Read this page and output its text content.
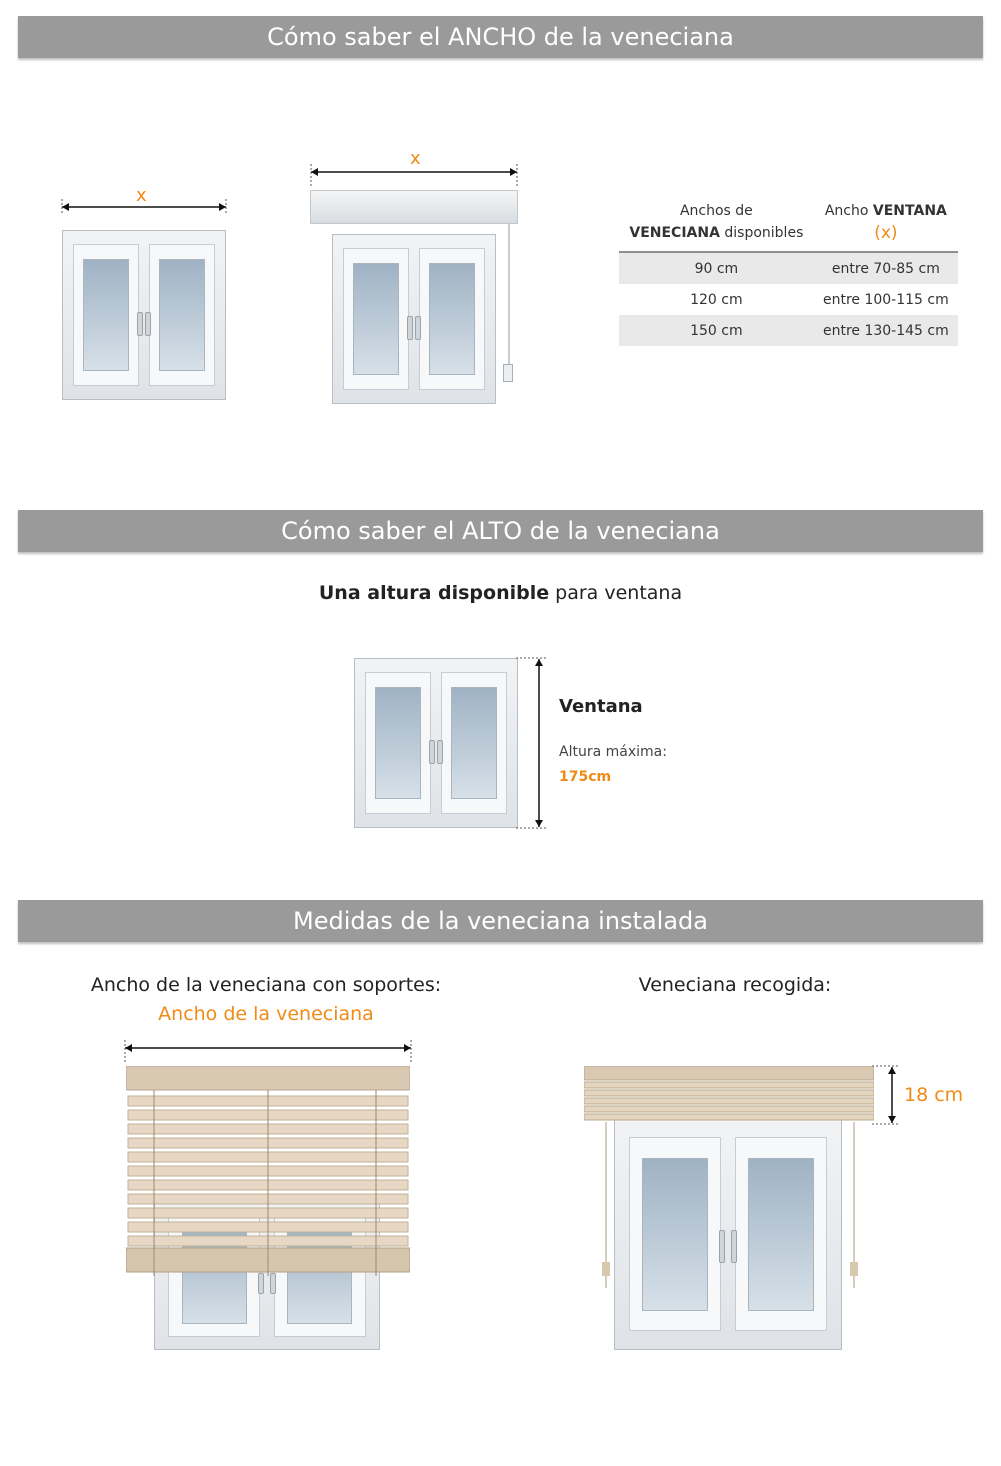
Cómo saber el ANCHO de la veneciana
x
x
Anchos de
VENECIANA disponibles	Ancho VENTANA
(x)
90 cm	entre 70-85 cm
120 cm	entre 100-115 cm
150 cm	entre 130-145 cm
Cómo saber el ALTO de la veneciana
Una altura disponible para ventana
Ventana
Altura máxima:
175cm
Medidas de la veneciana instalada
Ancho de la veneciana con soportes:
Ancho de la veneciana
Veneciana recogida:
18 cm
